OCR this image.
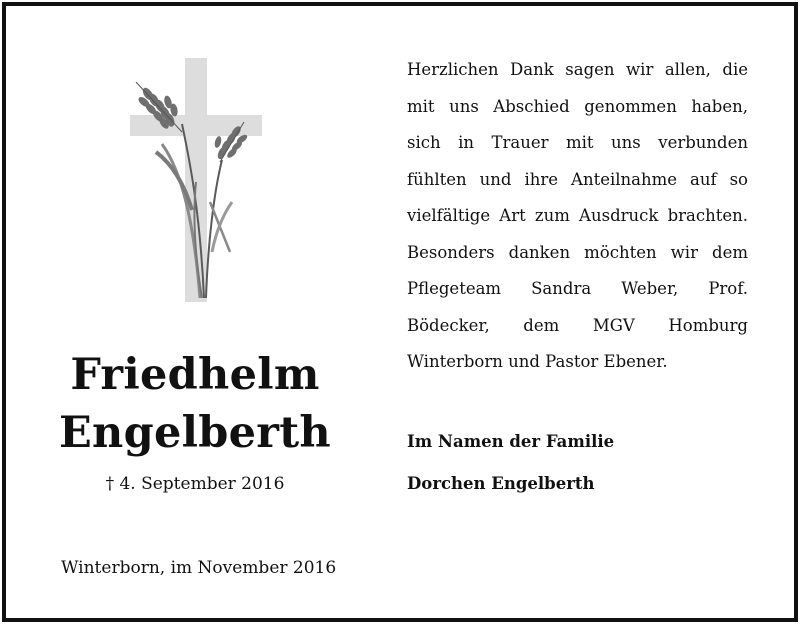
Friedhelm
Engelberth
† 4. September 2016
Winterborn, im November 2016

Herzlichen Dank sagen wir allen, die mit uns Abschied genommen haben, sich in Trauer mit uns verbunden fühlten und ihre Anteilnahme auf so vielfältige Art zum Ausdruck brachten. Besonders danken möchten wir dem Pflegeteam Sandra Weber, Prof. Bödecker, dem MGV Homburg Winterborn und Pastor Ebener.

Im Namen der Familie
Dorchen Engelberth
